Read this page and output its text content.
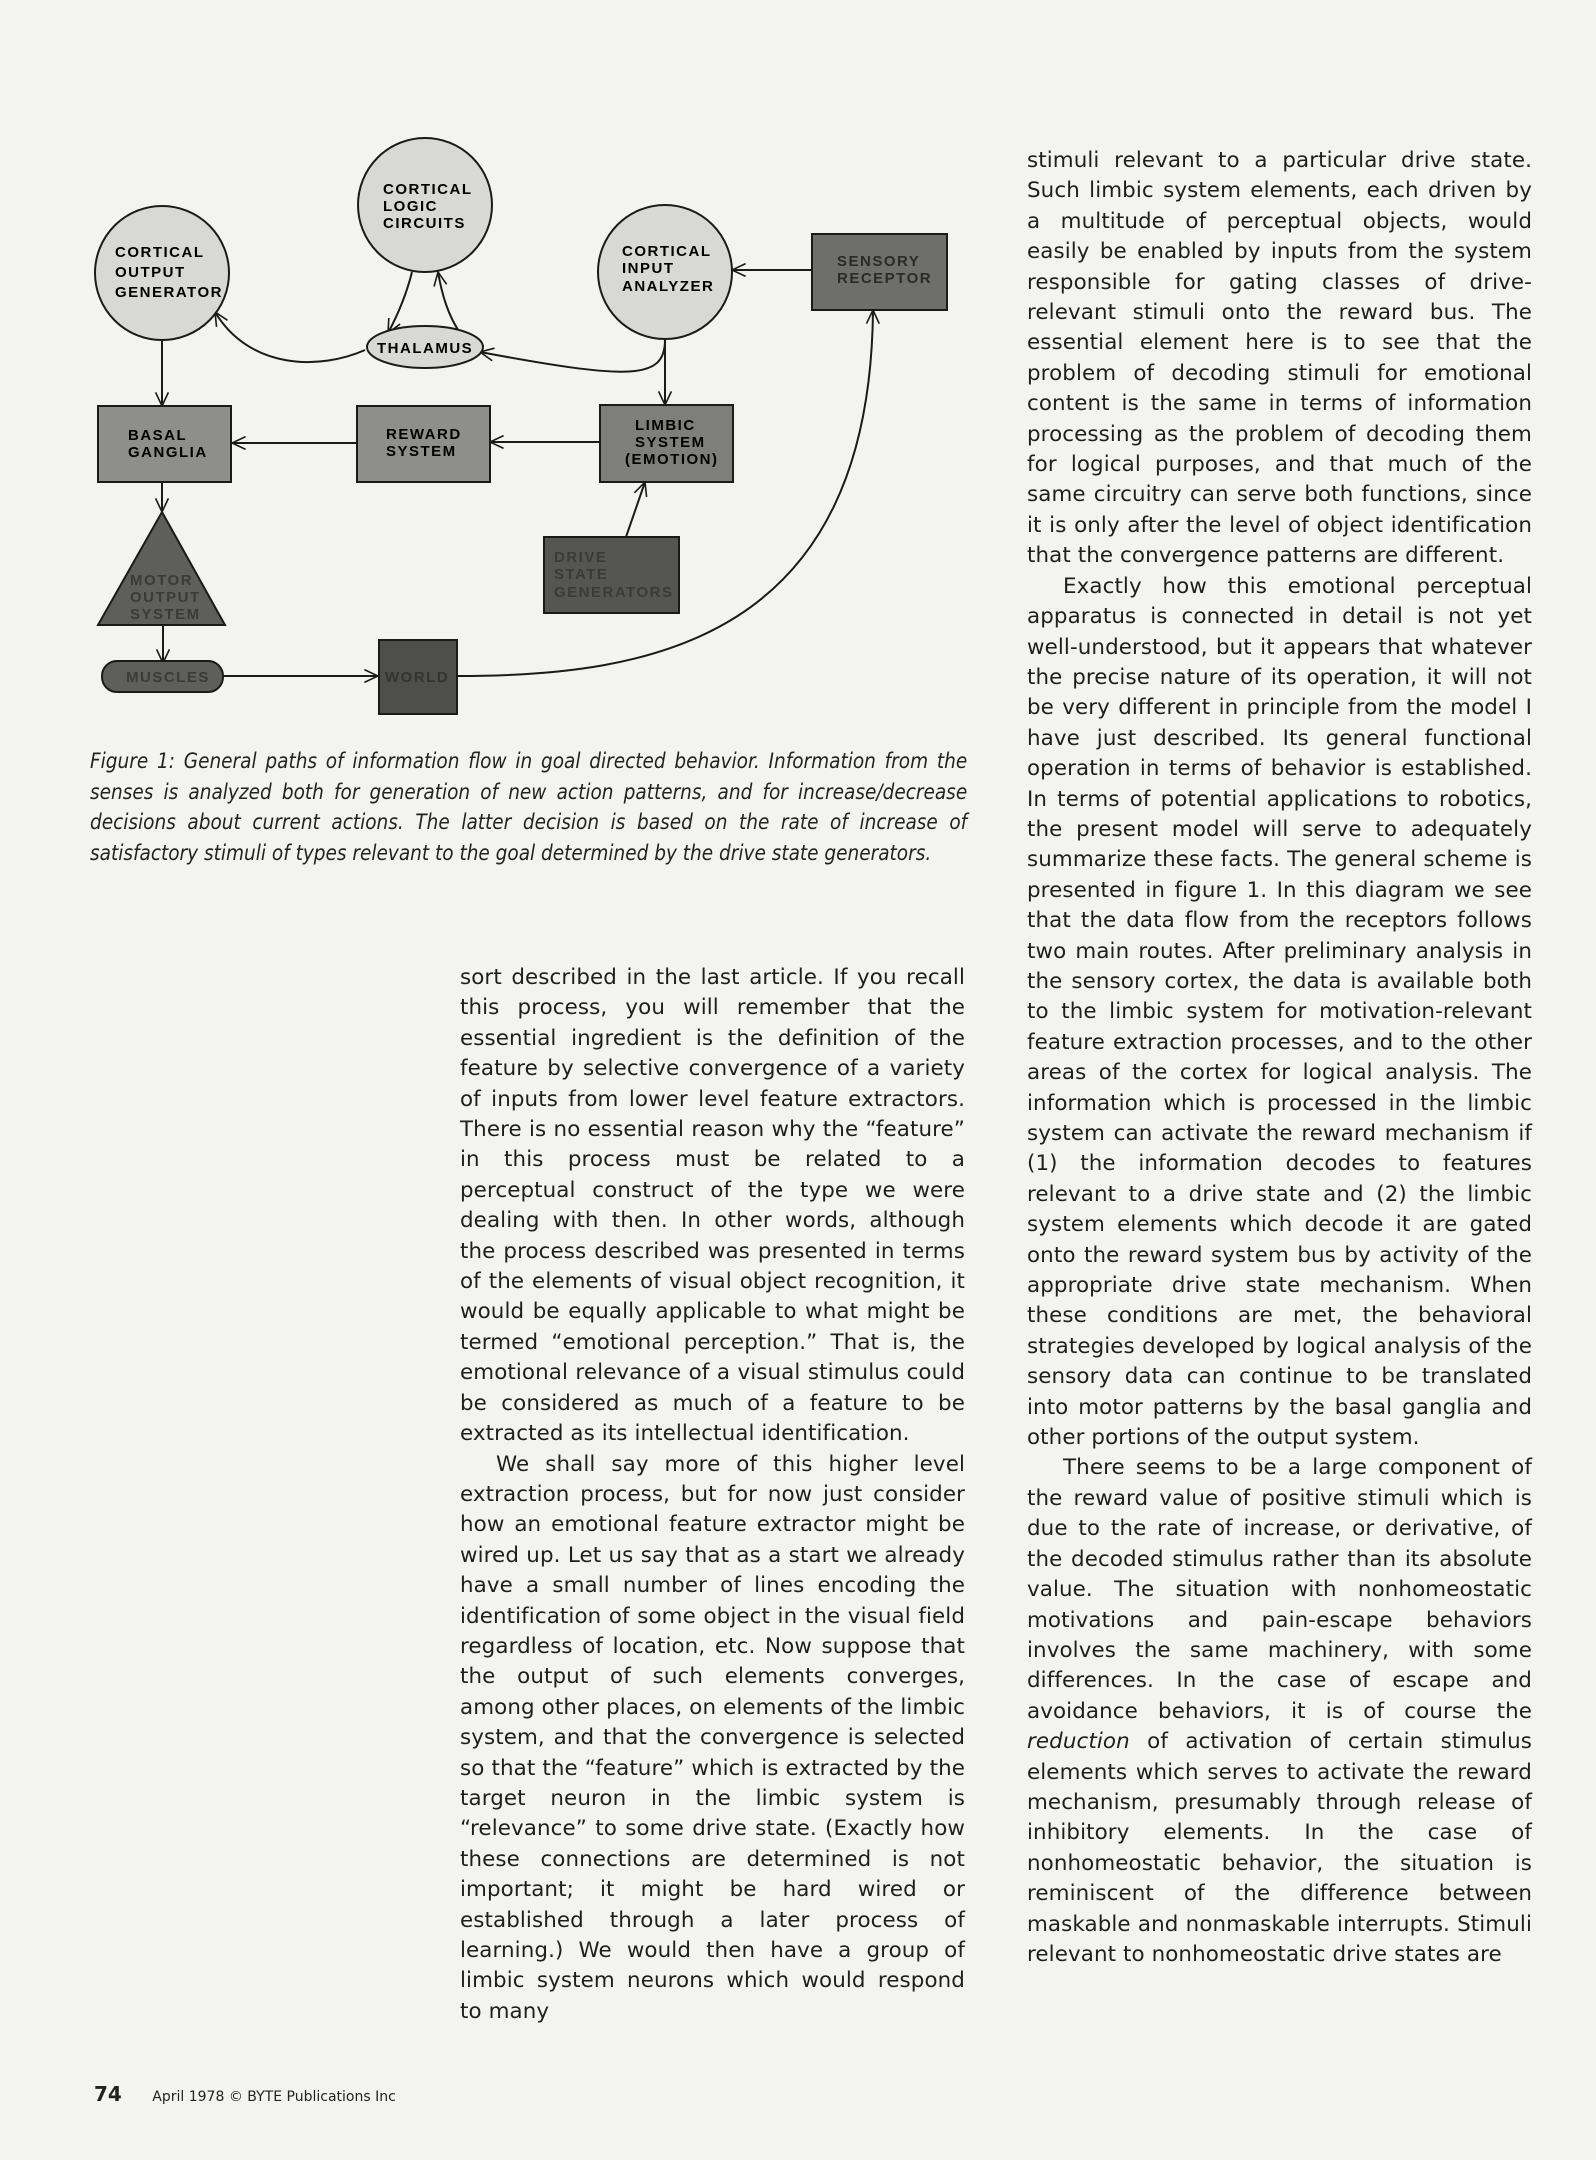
CORTICAL
OUTPUT
GENERATOR
CORTICAL
LOGIC
CIRCUITS
CORTICAL
INPUT
ANALYZER
THALAMUS
SENSORY
RECEPTOR
BASAL
GANGLIA
REWARD
SYSTEM
LIMBIC
SYSTEM
(EMOTION)
DRIVE
STATE
GENERATORS
MOTOR
OUTPUT
SYSTEM
MUSCLES	WORLD
Figure 1: General paths of information flow in goal directed behavior. Information from the senses is analyzed both for generation of new action patterns, and for increase/decrease decisions about current actions. The latter decision is based on the rate of increase of satisfactory stimuli of types relevant to the goal determined by the drive state generators.

sort described in the last article. If you recall this process, you will remember that the essential ingredient is the definition of the feature by selective convergence of a variety of inputs from lower level feature extractors. There is no essential reason why the “feature” in this process must be related to a perceptual construct of the type we were dealing with then. In other words, although the process described was presented in terms of the elements of visual object recognition, it would be equally applicable to what might be termed “emotional perception.” That is, the emotional relevance of a visual stimulus could be considered as much of a feature to be extracted as its intellectual identification.

We shall say more of this higher level extraction process, but for now just consider how an emotional feature extractor might be wired up. Let us say that as a start we already have a small number of lines encoding the identification of some object in the visual field regardless of location, etc. Now suppose that the output of such elements converges, among other places, on elements of the limbic system, and that the convergence is selected so that the “feature” which is extracted by the target neuron in the limbic system is “relevance” to some drive state. (Exactly how these connections are determined is not important; it might be hard wired or established through a later process of learning.) We would then have a group of limbic system neurons which would respond to many

stimuli relevant to a particular drive state. Such limbic system elements, each driven by a multitude of perceptual objects, would easily be enabled by inputs from the system responsible for gating classes of drive-relevant stimuli onto the reward bus. The essential element here is to see that the problem of decoding stimuli for emotional content is the same in terms of information processing as the problem of decoding them for logical purposes, and that much of the same circuitry can serve both functions, since it is only after the level of object identification that the convergence patterns are different.

Exactly how this emotional perceptual apparatus is connected in detail is not yet well-understood, but it appears that whatever the precise nature of its operation, it will not be very different in principle from the model I have just described. Its general functional operation in terms of behavior is established. In terms of potential applications to robotics, the present model will serve to adequately summarize these facts. The general scheme is presented in figure 1. In this diagram we see that the data flow from the receptors follows two main routes. After preliminary analysis in the sensory cortex, the data is available both to the limbic system for motivation-relevant feature extraction processes, and to the other areas of the cortex for logical analysis. The information which is processed in the limbic system can activate the reward mechanism if (1) the information decodes to features relevant to a drive state and (2) the limbic system elements which decode it are gated onto the reward system bus by activity of the appropriate drive state mechanism. When these conditions are met, the behavioral strategies developed by logical analysis of the sensory data can continue to be translated into motor patterns by the basal ganglia and other portions of the output system.

There seems to be a large component of the reward value of positive stimuli which is due to the rate of increase, or derivative, of the decoded stimulus rather than its absolute value. The situation with nonhomeostatic motivations and pain-escape behaviors involves the same machinery, with some differences. In the case of escape and avoidance behaviors, it is of course the reduction of activation of certain stimulus elements which serves to activate the reward mechanism, presumably through release of inhibitory elements. In the case of nonhomeostatic behavior, the situation is reminiscent of the difference between maskable and nonmaskable interrupts. Stimuli relevant to nonhomeostatic drive states are

74 April 1978 © BYTE Publications Inc
